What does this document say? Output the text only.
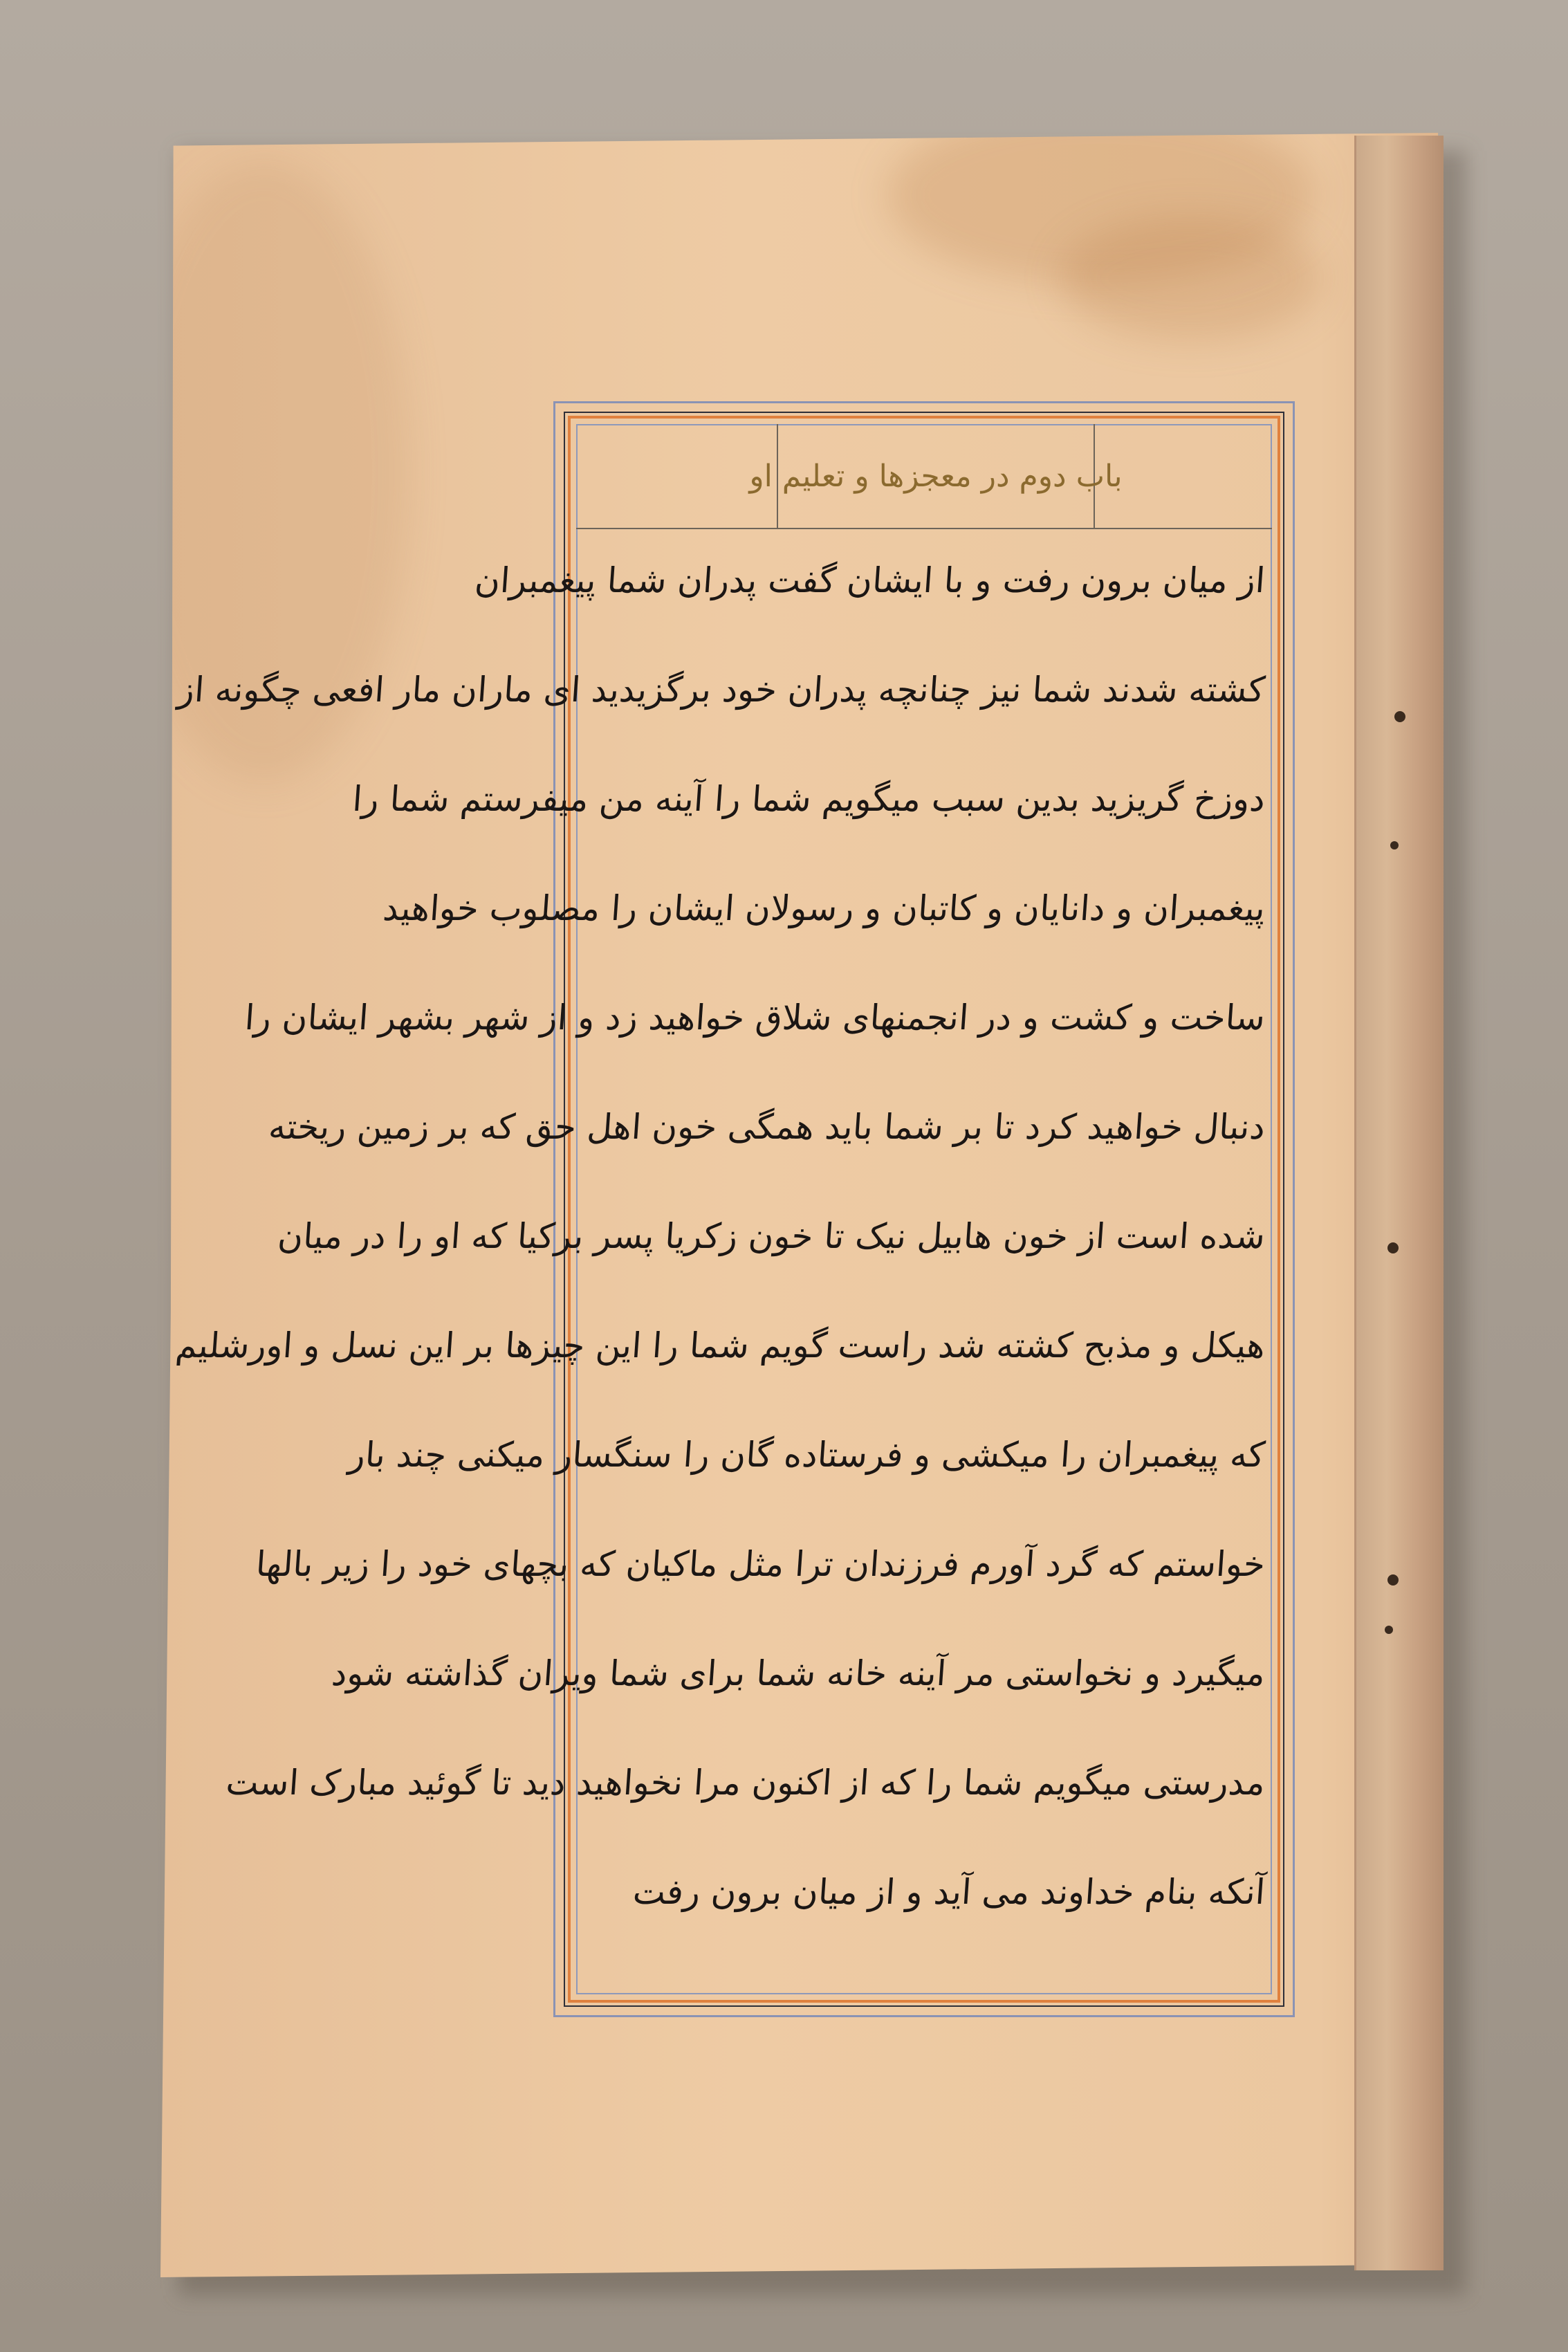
باب دوم در معجزها و تعلیم او
از میان برون رفت و با ایشان گفت پدران شما پیغمبران
کشته شدند شما نیز چنانچه پدران خود برگزیدید ای ماران مار افعی چگونه از
دوزخ گریزید بدین سبب میگویم شما را آینه من میفرستم شما را
پیغمبران و دانایان و کاتبان و رسولان ایشان را مصلوب خواهید
ساخت و کشت و در انجمنهای شلاق خواهید زد و از شهر بشهر ایشان را
دنبال خواهید کرد تا بر شما باید همگی خون اهل حق که بر زمین ریخته
شده است از خون هابیل نیک تا خون زکریا پسر برکیا که او را در میان
هیکل و مذبح کشته شد راست گویم شما را این چیزها بر این نسل و اورشلیم
که پیغمبران را میکشی و فرستاده گان را سنگسار میکنی چند بار
خواستم که گرد آورم فرزندان ترا مثل ماکیان که بچهای خود را زیر بالها
میگیرد و نخواستی مر آینه خانه شما برای شما ویران گذاشته شود
مدرستی میگویم شما را که از اکنون مرا نخواهید دید تا گوئید مبارک است
آنکه بنام خداوند می آید و از میان برون رفت
